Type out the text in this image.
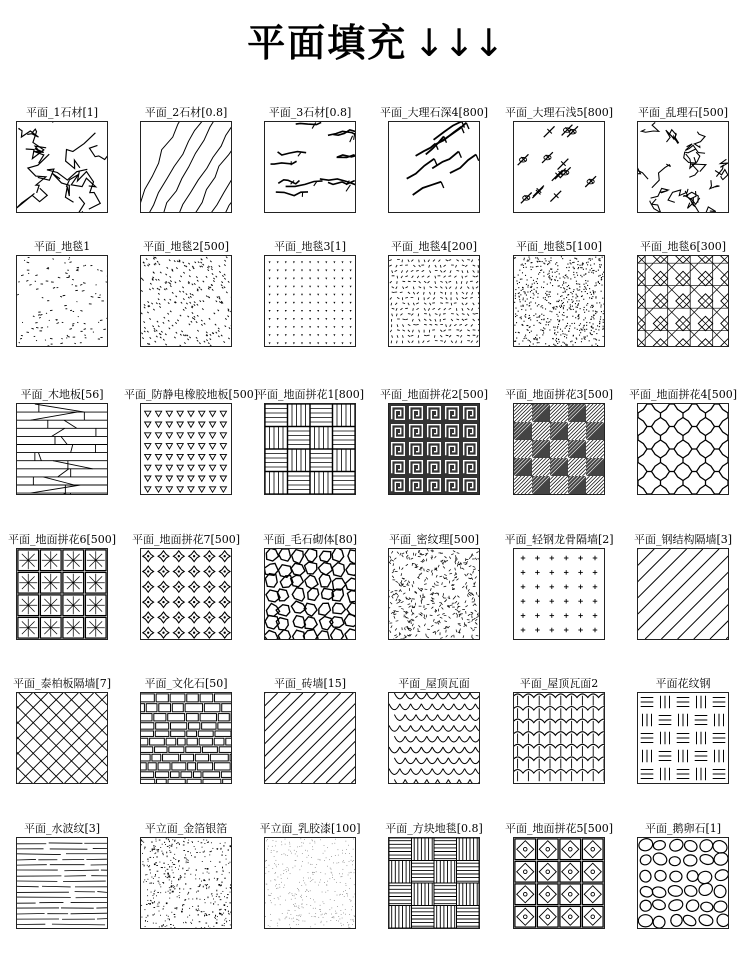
平面填充 ↓↓↓
平面_1石材[1]	平面_2石材[0.8]	平面_3石材[0.8]	平面_大理石深4[800]	平面_大理石浅5[800]	平面_乱理石[500]
平面_地毯1	平面_地毯2[500]	平面_地毯3[1]	平面_地毯4[200]	平面_地毯5[100]	平面_地毯6[300]
平面_木地板[56]	平面_防静电橡胶地板[500]
平面_地面拼花1[800]	平面_地面拼花2[500]	平面_地面拼花3[500]	平面_地面拼花4[500]
平面_地面拼花6[500]	平面_地面拼花7[500]	平面_毛石砌体[80]	平面_密纹理[500]	平面_轻钢龙骨隔墙[2]	平面_钢结构隔墙[3]
平面_泰柏板隔墙[7]	平面_文化石[50]	平面_砖墙[15]	平面_屋顶瓦面	平面_屋顶瓦面2	平面花纹钢
平面_水波纹[3]	平立面_金箔银箔	平立面_乳胶漆[100]	平面_方块地毯[0.8]	平面_地面拼花5[500]	平面_鹅卵石[1]
